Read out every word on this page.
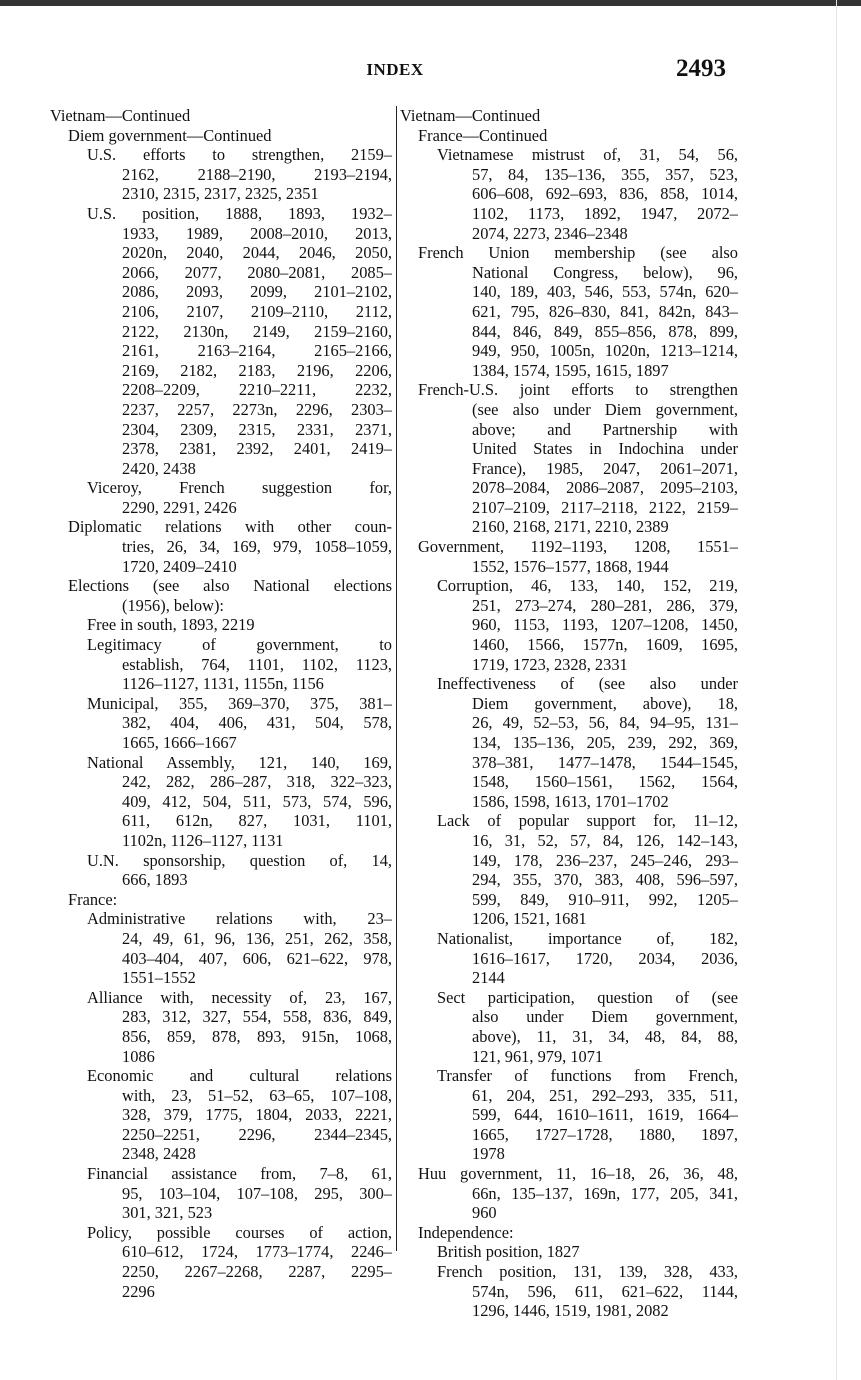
INDEX	2493
Vietnam—Continued
Diem government—Continued
U.S. efforts to strengthen, 2159–
2162, 2188–2190, 2193–2194,
2310, 2315, 2317, 2325, 2351
U.S. position, 1888, 1893, 1932–
1933, 1989, 2008–2010, 2013,
2020n, 2040, 2044, 2046, 2050,
2066, 2077, 2080–2081, 2085–
2086, 2093, 2099, 2101–2102,
2106, 2107, 2109–2110, 2112,
2122, 2130n, 2149, 2159–2160,
2161, 2163–2164, 2165–2166,
2169, 2182, 2183, 2196, 2206,
2208–2209, 2210–2211, 2232,
2237, 2257, 2273n, 2296, 2303–
2304, 2309, 2315, 2331, 2371,
2378, 2381, 2392, 2401, 2419–
2420, 2438
Viceroy, French suggestion for,
2290, 2291, 2426
Diplomatic relations with other coun-
tries, 26, 34, 169, 979, 1058–1059,
1720, 2409–2410
Elections (see also National elections
(1956), below):
Free in south, 1893, 2219
Legitimacy of government, to
establish, 764, 1101, 1102, 1123,
1126–1127, 1131, 1155n, 1156
Municipal, 355, 369–370, 375, 381–
382, 404, 406, 431, 504, 578,
1665, 1666–1667
National Assembly, 121, 140, 169,
242, 282, 286–287, 318, 322–323,
409, 412, 504, 511, 573, 574, 596,
611, 612n, 827, 1031, 1101,
1102n, 1126–1127, 1131
U.N. sponsorship, question of, 14,
666, 1893
France:
Administrative relations with, 23–
24, 49, 61, 96, 136, 251, 262, 358,
403–404, 407, 606, 621–622, 978,
1551–1552
Alliance with, necessity of, 23, 167,
283, 312, 327, 554, 558, 836, 849,
856, 859, 878, 893, 915n, 1068,
1086
Economic and cultural relations
with, 23, 51–52, 63–65, 107–108,
328, 379, 1775, 1804, 2033, 2221,
2250–2251, 2296, 2344–2345,
2348, 2428
Financial assistance from, 7–8, 61,
95, 103–104, 107–108, 295, 300–
301, 321, 523
Policy, possible courses of action,
610–612, 1724, 1773–1774, 2246–
2250, 2267–2268, 2287, 2295–
2296
Vietnam—Continued
France—Continued
Vietnamese mistrust of, 31, 54, 56,
57, 84, 135–136, 355, 357, 523,
606–608, 692–693, 836, 858, 1014,
1102, 1173, 1892, 1947, 2072–
2074, 2273, 2346–2348
French Union membership (see also
National Congress, below), 96,
140, 189, 403, 546, 553, 574n, 620–
621, 795, 826–830, 841, 842n, 843–
844, 846, 849, 855–856, 878, 899,
949, 950, 1005n, 1020n, 1213–1214,
1384, 1574, 1595, 1615, 1897
French-U.S. joint efforts to strengthen
(see also under Diem government,
above; and Partnership with
United States in Indochina under
France), 1985, 2047, 2061–2071,
2078–2084, 2086–2087, 2095–2103,
2107–2109, 2117–2118, 2122, 2159–
2160, 2168, 2171, 2210, 2389
Government, 1192–1193, 1208, 1551–
1552, 1576–1577, 1868, 1944
Corruption, 46, 133, 140, 152, 219,
251, 273–274, 280–281, 286, 379,
960, 1153, 1193, 1207–1208, 1450,
1460, 1566, 1577n, 1609, 1695,
1719, 1723, 2328, 2331
Ineffectiveness of (see also under
Diem government, above), 18,
26, 49, 52–53, 56, 84, 94–95, 131–
134, 135–136, 205, 239, 292, 369,
378–381, 1477–1478, 1544–1545,
1548, 1560–1561, 1562, 1564,
1586, 1598, 1613, 1701–1702
Lack of popular support for, 11–12,
16, 31, 52, 57, 84, 126, 142–143,
149, 178, 236–237, 245–246, 293–
294, 355, 370, 383, 408, 596–597,
599, 849, 910–911, 992, 1205–
1206, 1521, 1681
Nationalist, importance of, 182,
1616–1617, 1720, 2034, 2036,
2144
Sect participation, question of (see
also under Diem government,
above), 11, 31, 34, 48, 84, 88,
121, 961, 979, 1071
Transfer of functions from French,
61, 204, 251, 292–293, 335, 511,
599, 644, 1610–1611, 1619, 1664–
1665, 1727–1728, 1880, 1897,
1978
Huu government, 11, 16–18, 26, 36, 48,
66n, 135–137, 169n, 177, 205, 341,
960
Independence:
British position, 1827
French position, 131, 139, 328, 433,
574n, 596, 611, 621–622, 1144,
1296, 1446, 1519, 1981, 2082
